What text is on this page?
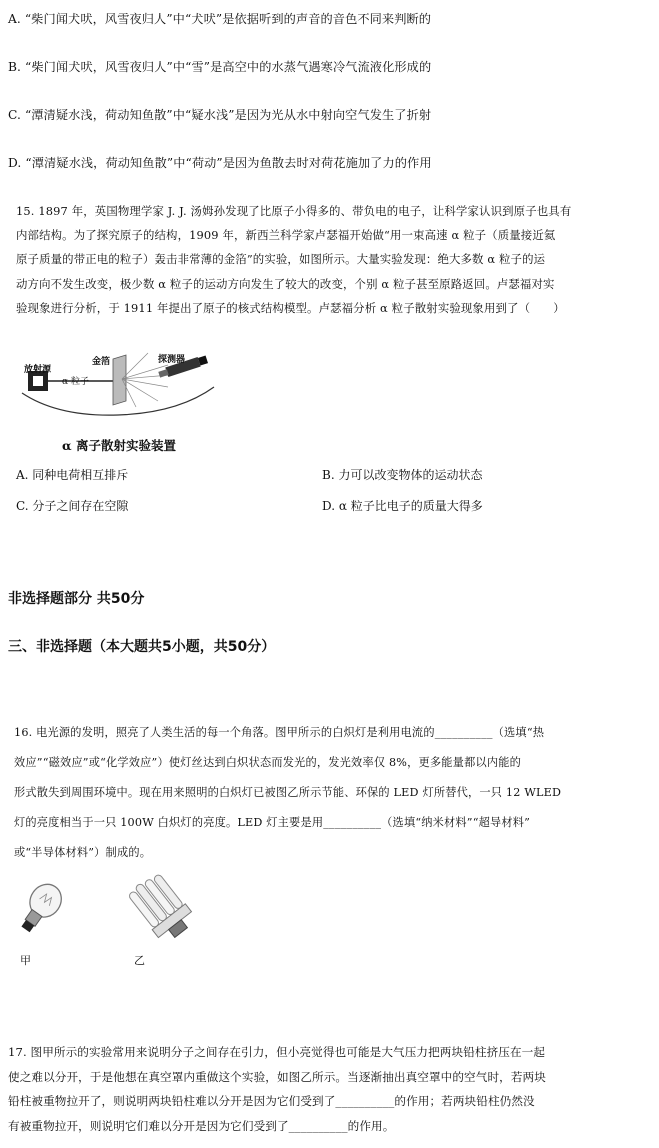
A. “柴门闻犬吠，风雪夜归人”中“犬吠”是依据听到的声音的音色不同来判断的
B. “柴门闻犬吠，风雪夜归人”中“雪”是高空中的水蒸气遇寒冷气流液化形成的
C. “潭清疑水浅，荷动知鱼散”中“疑水浅”是因为光从水中射向空气发生了折射
D. “潭清疑水浅，荷动知鱼散”中“荷动”是因为鱼散去时对荷花施加了力的作用

15. 1897 年，英国物理学家 J. J. 汤姆孙发现了比原子小得多的、带负电的电子，让科学家认识到原子也具有

内部结构。为了探究原子的结构，1909 年，新西兰科学家卢瑟福开始做“用一束高速 α 粒子（质量接近氦

原子质量的带正电的粒子）轰击非常薄的金箔”的实验，如图所示。大量实验发现：绝大多数 α 粒子的运

动方向不发生改变，极少数 α 粒子的运动方向发生了较大的改变，个别 α 粒子甚至原路返回。卢瑟福对实

验现象进行分析，于 1911 年提出了原子的核式结构模型。卢瑟福分析 α 粒子散射实验现象用到了（　　）

放射源
金箔	探测器
α 粒子
α 离子散射实验装置
A. 同种电荷相互排斥	B. 力可以改变物体的运动状态
C. 分子之间存在空隙	D. α 粒子比电子的质量大得多
非选择题部分 共50分
三、非选择题（本大题共5小题，共50分）

16. 电光源的发明，照亮了人类生活的每一个角落。图甲所示的白炽灯是利用电流的__________（选填“热

效应”“磁效应”或“化学效应”）使灯丝达到白炽状态而发光的，发光效率仅 8%，更多能量都以内能的

形式散失到周围环境中。现在用来照明的白炽灯已被图乙所示节能、环保的 LED 灯所替代，一只 12 WLED

灯的亮度相当于一只 100W 白炽灯的亮度。LED 灯主要是用__________（选填“纳米材料”“超导材料”

或“半导体材料”）制成的。

甲	乙

17. 图甲所示的实验常用来说明分子之间存在引力，但小亮觉得也可能是大气压力把两块铅柱挤压在一起

使之难以分开，于是他想在真空罩内重做这个实验，如图乙所示。当逐渐抽出真空罩中的空气时，若两块

铅柱被重物拉开了，则说明两块铅柱难以分开是因为它们受到了__________的作用；若两块铅柱仍然没

有被重物拉开，则说明它们难以分开是因为它们受到了__________的作用。
